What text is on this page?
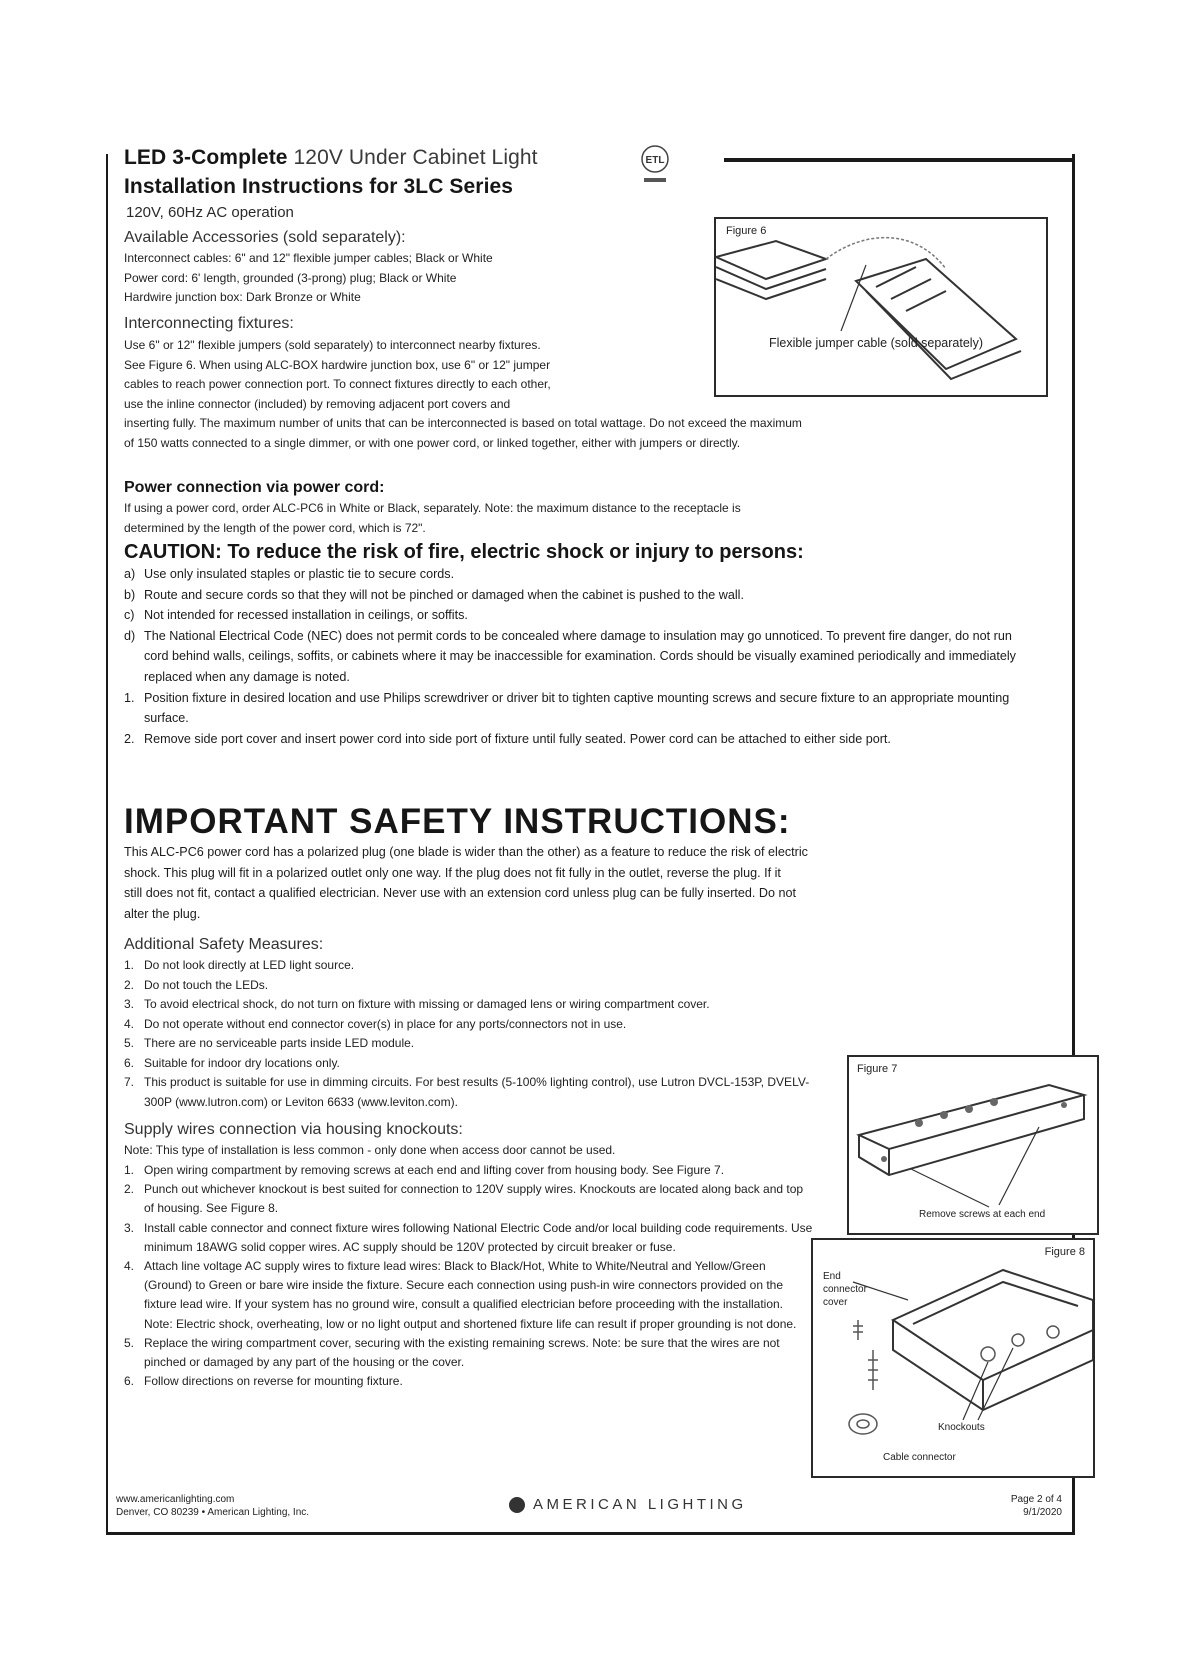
LED 3-Complete 120V Under Cabinet Light
Installation Instructions for 3LC Series
120V, 60Hz AC operation
ETL
Available Accessories (sold separately):
Interconnect cables: 6" and 12" flexible jumper cables; Black or White
Power cord: 6' length, grounded (3-prong) plug; Black or White
Hardwire junction box: Dark Bronze or White
Interconnecting fixtures:
Use 6" or 12" flexible jumpers (sold separately) to interconnect nearby fixtures.
See Figure 6. When using ALC-BOX hardwire junction box, use 6" or 12" jumper
cables to reach power connection port. To connect fixtures directly to each other,
use the inline connector (included) by removing adjacent port covers and
inserting fully. The maximum number of units that can be interconnected is based on total wattage. Do not exceed the maximum
of 150 watts connected to a single dimmer, or with one power cord, or linked together, either with jumpers or directly.
Figure 6
Flexible jumper cable (sold separately)
Power connection via power cord:
If using a power cord, order ALC-PC6 in White or Black, separately. Note: the maximum distance to the receptacle is
determined by the length of the power cord, which is 72".
CAUTION: To reduce the risk of fire, electric shock or injury to persons:
a) Use only insulated staples or plastic tie to secure cords.
b) Route and secure cords so that they will not be pinched or damaged when the cabinet is pushed to the wall.
c) Not intended for recessed installation in ceilings, or soffits.
d) The National Electrical Code (NEC) does not permit cords to be concealed where damage to insulation may go unnoticed. To prevent fire danger, do not run cord behind walls, ceilings, soffits, or cabinets where it may be inaccessible for examination. Cords should be visually examined periodically and immediately replaced when any damage is noted.
1. Position fixture in desired location and use Philips screwdriver or driver bit to tighten captive mounting screws and secure fixture to an appropriate mounting surface.
2. Remove side port cover and insert power cord into side port of fixture until fully seated. Power cord can be attached to either side port.
IMPORTANT SAFETY INSTRUCTIONS:
This ALC-PC6 power cord has a polarized plug (one blade is wider than the other) as a feature to reduce the risk of electric
shock. This plug will fit in a polarized outlet only one way. If the plug does not fit fully in the outlet, reverse the plug. If it
still does not fit, contact a qualified electrician. Never use with an extension cord unless plug can be fully inserted. Do not
alter the plug.
Additional Safety Measures:
1. Do not look directly at LED light source.
2. Do not touch the LEDs.
3. To avoid electrical shock, do not turn on fixture with missing or damaged lens or wiring compartment cover.
4. Do not operate without end connector cover(s) in place for any ports/connectors not in use.
5. There are no serviceable parts inside LED module.
6. Suitable for indoor dry locations only.
7. This product is suitable for use in dimming circuits. For best results (5-100% lighting control), use Lutron DVCL-153P, DVELV-300P (www.lutron.com) or Leviton 6633 (www.leviton.com).
Figure 7
Remove screws at each end
Supply wires connection via housing knockouts:
Note: This type of installation is less common - only done when access door cannot be used.
1. Open wiring compartment by removing screws at each end and lifting cover from housing body. See Figure 7.
2. Punch out whichever knockout is best suited for connection to 120V supply wires. Knockouts are located along back and top of housing. See Figure 8.
3. Install cable connector and connect fixture wires following National Electric Code and/or local building code requirements. Use minimum 18AWG solid copper wires. AC supply should be 120V protected by circuit breaker or fuse.
4. Attach line voltage AC supply wires to fixture lead wires: Black to Black/Hot, White to White/Neutral and Yellow/Green (Ground) to Green or bare wire inside the fixture. Secure each connection using push-in wire connectors provided on the fixture lead wire. If your system has no ground wire, consult a qualified electrician before proceeding with the installation. Note: Electric shock, overheating, low or no light output and shortened fixture life can result if proper grounding is not done.
5. Replace the wiring compartment cover, securing with the existing remaining screws. Note: be sure that the wires are not pinched or damaged by any part of the housing or the cover.
6. Follow directions on reverse for mounting fixture.
Figure 8
End connector cover
Knockouts
Cable connector
www.americanlighting.com
Denver, CO 80239 • American Lighting, Inc.	AMERICAN LIGHTING	Page 2 of 4
9/1/2020
